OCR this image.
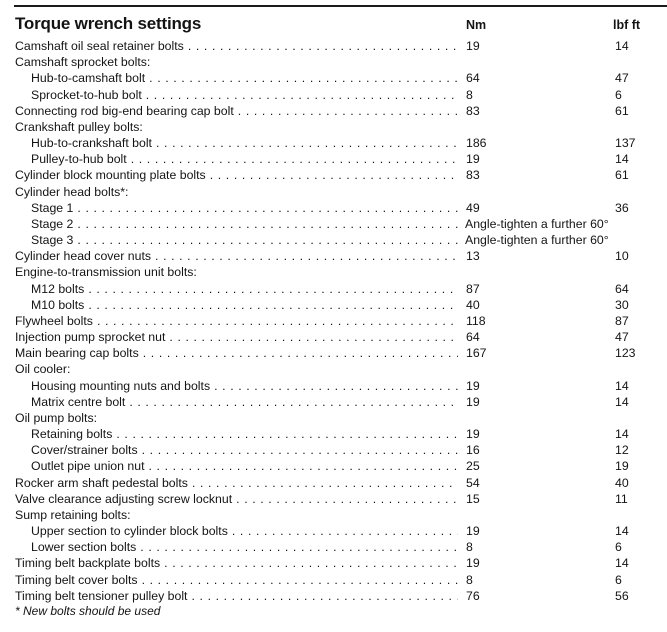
Torque wrench settings	Nm	lbf ft
Camshaft oil seal retainer bolts . . .	19	14
Camshaft sprocket bolts:
Hub-to-camshaft bolt . . .	64	47
Sprocket-to-hub bolt . . .	8	6
Connecting rod big-end bearing cap bolt . . .	83	61
Crankshaft pulley bolts:
Hub-to-crankshaft bolt . . .	186	137
Pulley-to-hub bolt . . .	19	14
Cylinder block mounting plate bolts . . .	83	61
Cylinder head bolts*:
Stage 1 . . .	49	36
Stage 2 . . .	Angle-tighten a further 60°
Stage 3 . . .	Angle-tighten a further 60°
Cylinder head cover nuts . . .	13	10
Engine-to-transmission unit bolts:
M12 bolts . . .	87	64
M10 bolts . . .	40	30
Flywheel bolts . . .	118	87
Injection pump sprocket nut . . .	64	47
Main bearing cap bolts . . .	167	123
Oil cooler:
Housing mounting nuts and bolts . . .	19	14
Matrix centre bolt . . .	19	14
Oil pump bolts:
Retaining bolts . . .	19	14
Cover/strainer bolts . . .	16	12
Outlet pipe union nut . . .	25	19
Rocker arm shaft pedestal bolts . . .	54	40
Valve clearance adjusting screw locknut . . .	15	11
Sump retaining bolts:
Upper section to cylinder block bolts . . .	19	14
Lower section bolts . . .	8	6
Timing belt backplate bolts . . .	19	14
Timing belt cover bolts . . .	8	6
Timing belt tensioner pulley bolt . . .	76	56
* New bolts should be used
